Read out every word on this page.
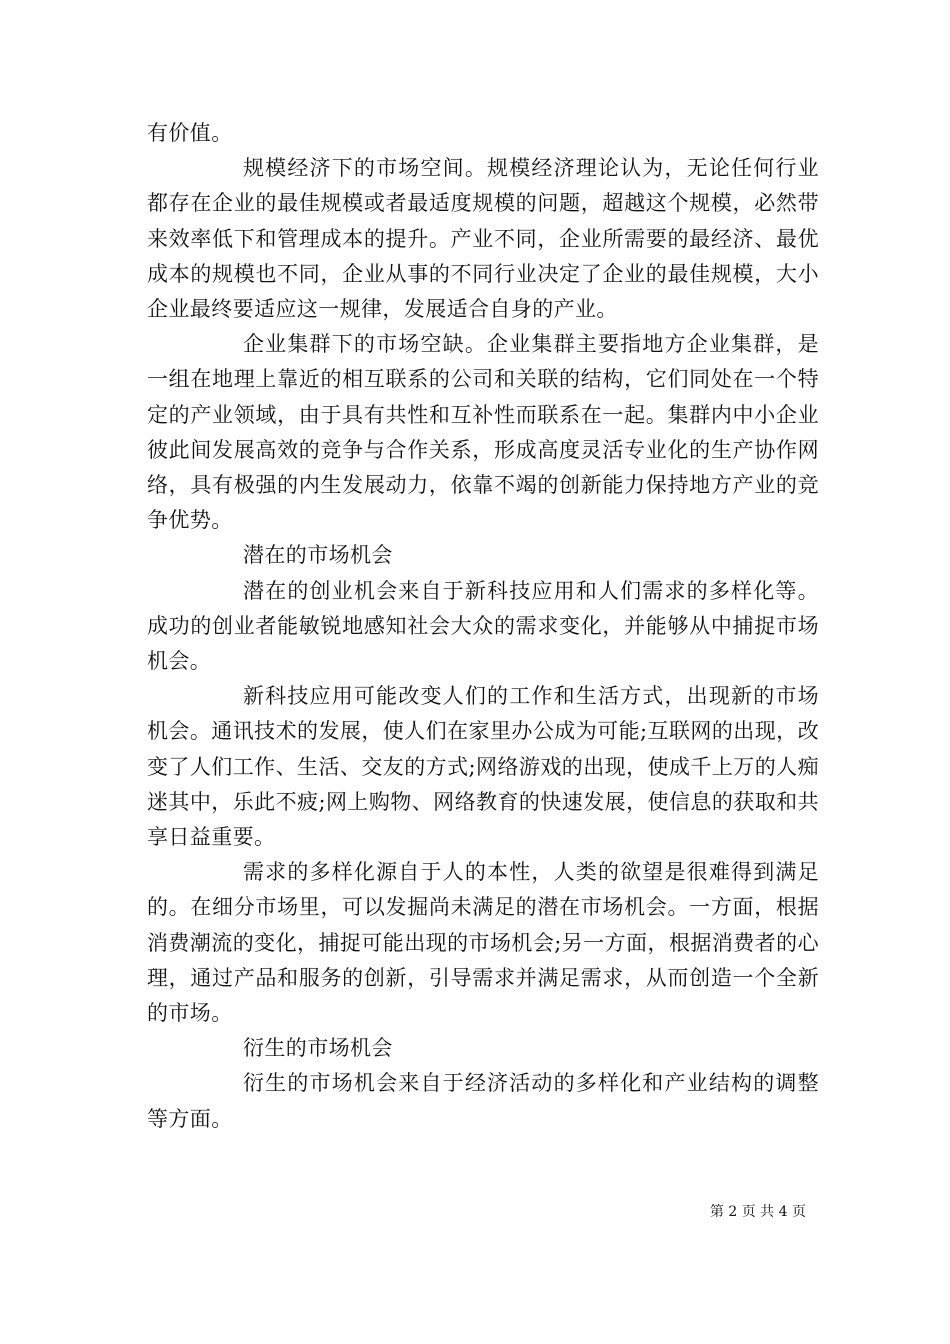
有价值。

规模经济下的市场空间。规模经济理论认为，无论任何行业都存在企业的最佳规模或者最适度规模的问题，超越这个规模，必然带来效率低下和管理成本的提升。产业不同，企业所需要的最经济、最优成本的规模也不同，企业从事的不同行业决定了企业的最佳规模，大小企业最终要适应这一规律，发展适合自身的产业。

企业集群下的市场空缺。企业集群主要指地方企业集群，是一组在地理上靠近的相互联系的公司和关联的结构，它们同处在一个特定的产业领域，由于具有共性和互补性而联系在一起。集群内中小企业彼此间发展高效的竞争与合作关系，形成高度灵活专业化的生产协作网络，具有极强的内生发展动力，依靠不竭的创新能力保持地方产业的竞争优势。

潜在的市场机会

潜在的创业机会来自于新科技应用和人们需求的多样化等。成功的创业者能敏锐地感知社会大众的需求变化，并能够从中捕捉市场机会。

新科技应用可能改变人们的工作和生活方式，出现新的市场机会。通讯技术的发展，使人们在家里办公成为可能;互联网的出现，改变了人们工作、生活、交友的方式;网络游戏的出现，使成千上万的人痴迷其中，乐此不疲;网上购物、网络教育的快速发展，使信息的获取和共享日益重要。

需求的多样化源自于人的本性，人类的欲望是很难得到满足的。在细分市场里，可以发掘尚未满足的潜在市场机会。一方面，根据消费潮流的变化，捕捉可能出现的市场机会;另一方面，根据消费者的心理，通过产品和服务的创新，引导需求并满足需求，从而创造一个全新的市场。

衍生的市场机会

衍生的市场机会来自于经济活动的多样化和产业结构的调整等方面。

第 2 页 共 4 页
